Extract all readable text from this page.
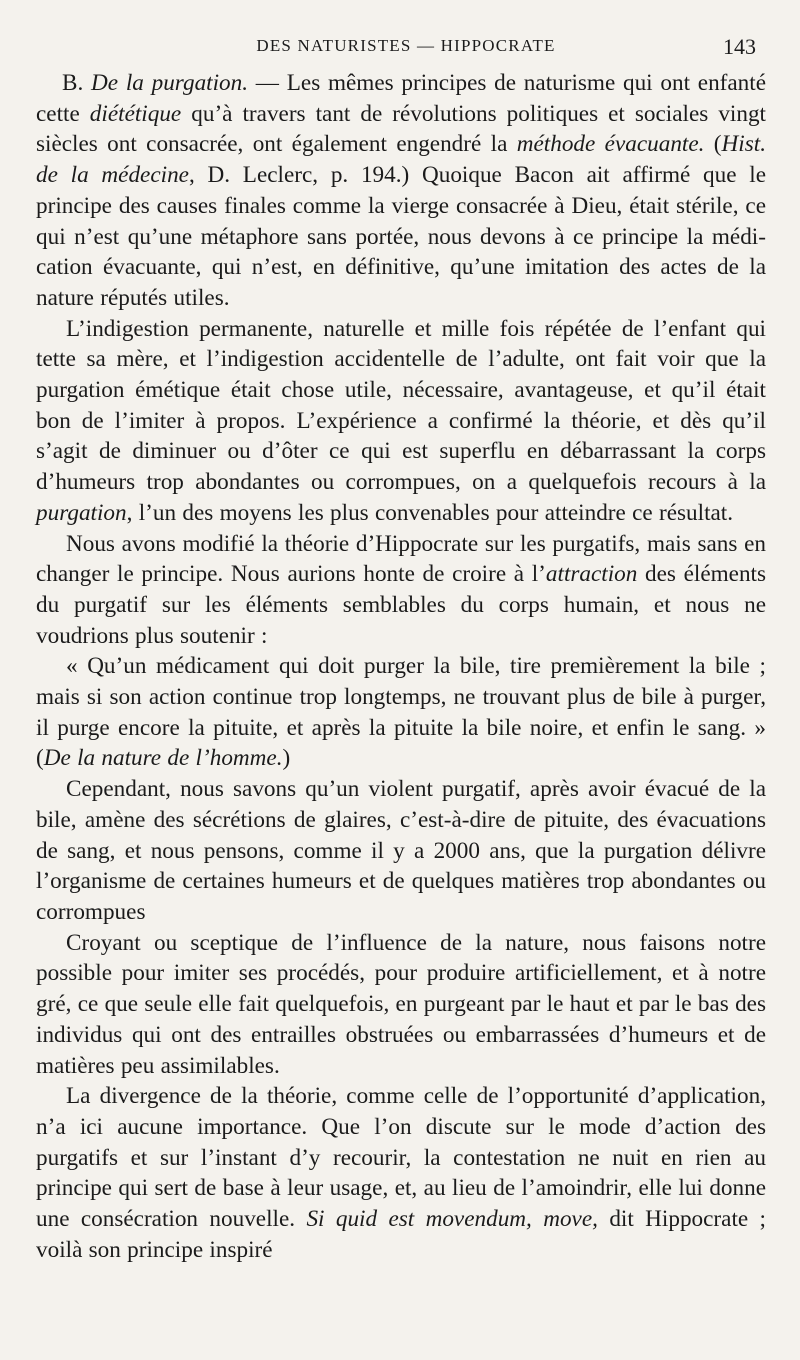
DES NATURISTES — HIPPOCRATE	143

B. De la purgation. — Les mêmes principes de naturisme qui ont enfanté cette diététique qu’à travers tant de révolutions politiques et sociales vingt siècles ont consacrée, ont également engendré la méthode évacuante. (Hist. de la médecine, D. Leclerc, p. 194.) Quoique Bacon ait affirmé que le principe des causes finales comme la vierge consacrée à Dieu, était stérile, ce qui n’est qu’une métaphore sans portée, nous devons à ce principe la médication évacuante, qui n’est, en définitive, qu’une imitation des actes de la nature réputés utiles.

L’indigestion permanente, naturelle et mille fois répétée de l’enfant qui tette sa mère, et l’indigestion accidentelle de l’adulte, ont fait voir que la purgation émétique était chose utile, nécessaire, avantageuse, et qu’il était bon de l’imiter à propos. L’expérience a confirmé la théorie, et dès qu’il s’agit de diminuer ou d’ôter ce qui est superflu en débarrassant la corps d’humeurs trop abondantes ou corrompues, on a quelquefois recours à la purgation, l’un des moyens les plus convenables pour atteindre ce résultat.

Nous avons modifié la théorie d’Hippocrate sur les purgatifs, mais sans en changer le principe. Nous aurions honte de croire à l’attraction des éléments du purgatif sur les éléments semblables du corps humain, et nous ne voudrions plus soutenir :

« Qu’un médicament qui doit purger la bile, tire premièrement la bile ; mais si son action continue trop longtemps, ne trouvant plus de bile à purger, il purge encore la pituite, et après la pituite la bile noire, et enfin le sang. » (De la nature de l’homme.)

Cependant, nous savons qu’un violent purgatif, après avoir évacué de la bile, amène des sécrétions de glaires, c’est-à-dire de pituite, des évacuations de sang, et nous pensons, comme il y a 2000 ans, que la purgation délivre l’organisme de certaines humeurs et de quelques matières trop abondantes ou corrompues

Croyant ou sceptique de l’influence de la nature, nous faisons notre possible pour imiter ses procédés, pour produire artificiellement, et à notre gré, ce que seule elle fait quelquefois, en purgeant par le haut et par le bas des individus qui ont des entrailles obstruées ou embarrassées d’humeurs et de matières peu assimilables.

La divergence de la théorie, comme celle de l’opportunité d’application, n’a ici aucune importance. Que l’on discute sur le mode d’action des purgatifs et sur l’instant d’y recourir, la contestation ne nuit en rien au principe qui sert de base à leur usage, et, au lieu de l’amoindrir, elle lui donne une consécration nouvelle. Si quid est movendum, move, dit Hippocrate ; voilà son principe inspiré
